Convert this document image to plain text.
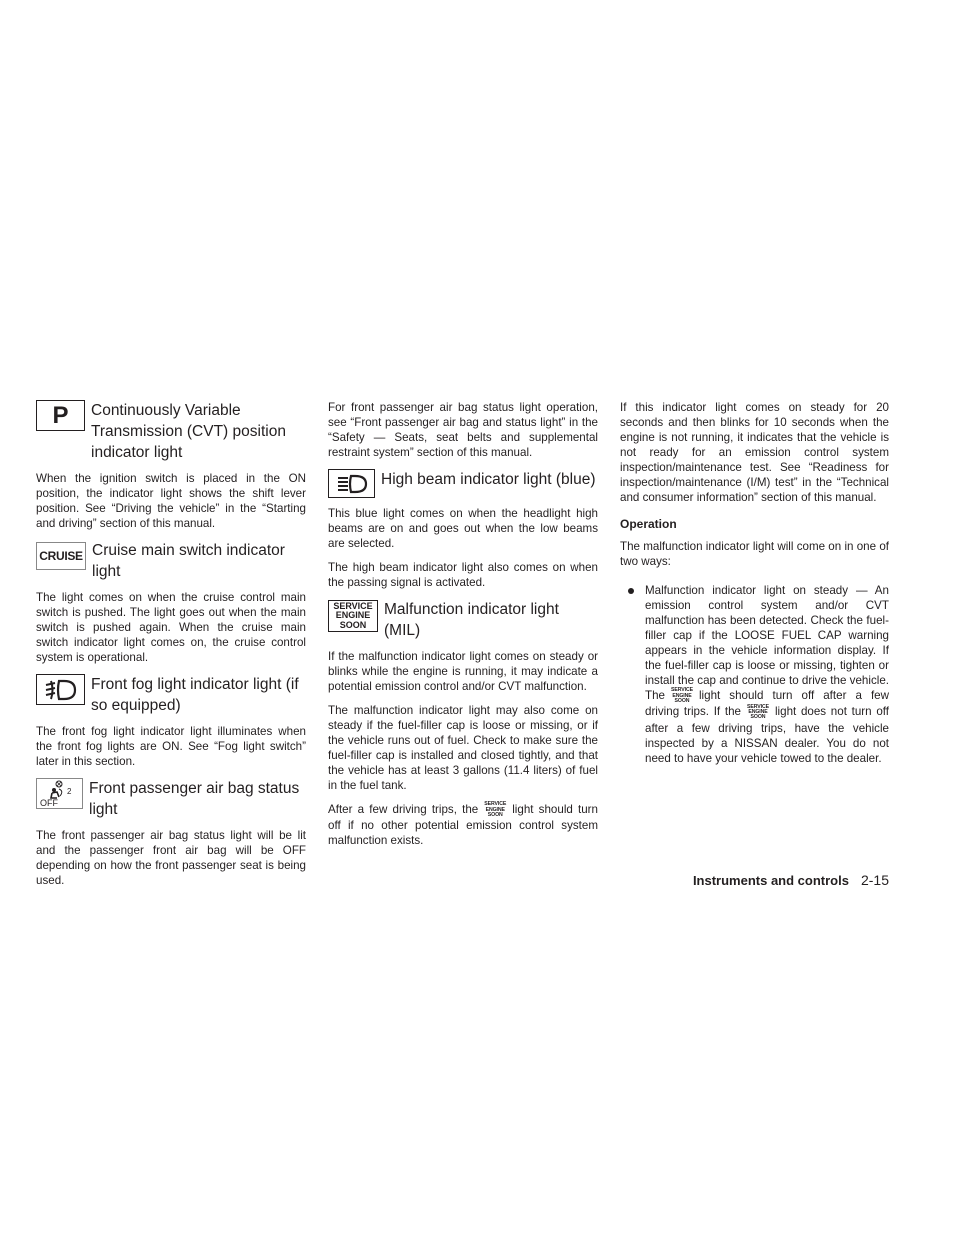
P Continuously Variable Transmission (CVT) position indicator light

When the ignition switch is placed in the ON position, the indicator light shows the shift lever position. See “Driving the vehicle” in the “Starting and driving” section of this manual.

CRUISE Cruise main switch indicator light

The light comes on when the cruise control main switch is pushed. The light goes out when the main switch is pushed again. When the cruise main switch indicator light comes on, the cruise control system is operational.

Front fog light indicator light (if so equipped)

The front fog light indicator light illuminates when the front fog lights are ON. See “Fog light switch” later in this section.

2
OFF
Front passenger air bag status light

The front passenger air bag status light will be lit and the passenger front air bag will be OFF depending on how the front passenger seat is being used.

For front passenger air bag status light operation, see “Front passenger air bag and status light” in the “Safety — Seats, seat belts and supplemental restraint system” section of this manual.

High beam indicator light (blue)

This blue light comes on when the headlight high beams are on and goes out when the low beams are selected.

The high beam indicator light also comes on when the passing signal is activated.

SERVICE
ENGINE
SOON
Malfunction indicator light (MIL)

If the malfunction indicator light comes on steady or blinks while the engine is running, it may indicate a potential emission control and/or CVT malfunction.

The malfunction indicator light may also come on steady if the fuel-filler cap is loose or missing, or if the vehicle runs out of fuel. Check to make sure the fuel-filler cap is installed and closed tightly, and that the vehicle has at least 3 gallons (11.4 liters) of fuel in the fuel tank.

After a few driving trips, the SERVICE
ENGINE
SOON light should turn off if no other potential emission control system malfunction exists.

If this indicator light comes on steady for 20 seconds and then blinks for 10 seconds when the engine is not running, it indicates that the vehicle is not ready for an emission control system inspection/maintenance test. See “Readiness for inspection/maintenance (I/M) test” in the “Technical and consumer information” section of this manual.

Operation

The malfunction indicator light will come on in one of two ways:

Malfunction indicator light on steady — An emission control system and/or CVT malfunction has been detected. Check the fuel-filler cap if the LOOSE FUEL CAP warning appears in the vehicle information display. If the fuel-filler cap is loose or missing, tighten or install the cap and continue to drive the vehicle. The SERVICE
ENGINE
SOON light should turn off after a few driving trips. If the SERVICE
ENGINE
SOON light does not turn off after a few driving trips, have the vehicle inspected by a NISSAN dealer. You do not need to have your vehicle towed to the dealer.
Instruments and controls 2-15
